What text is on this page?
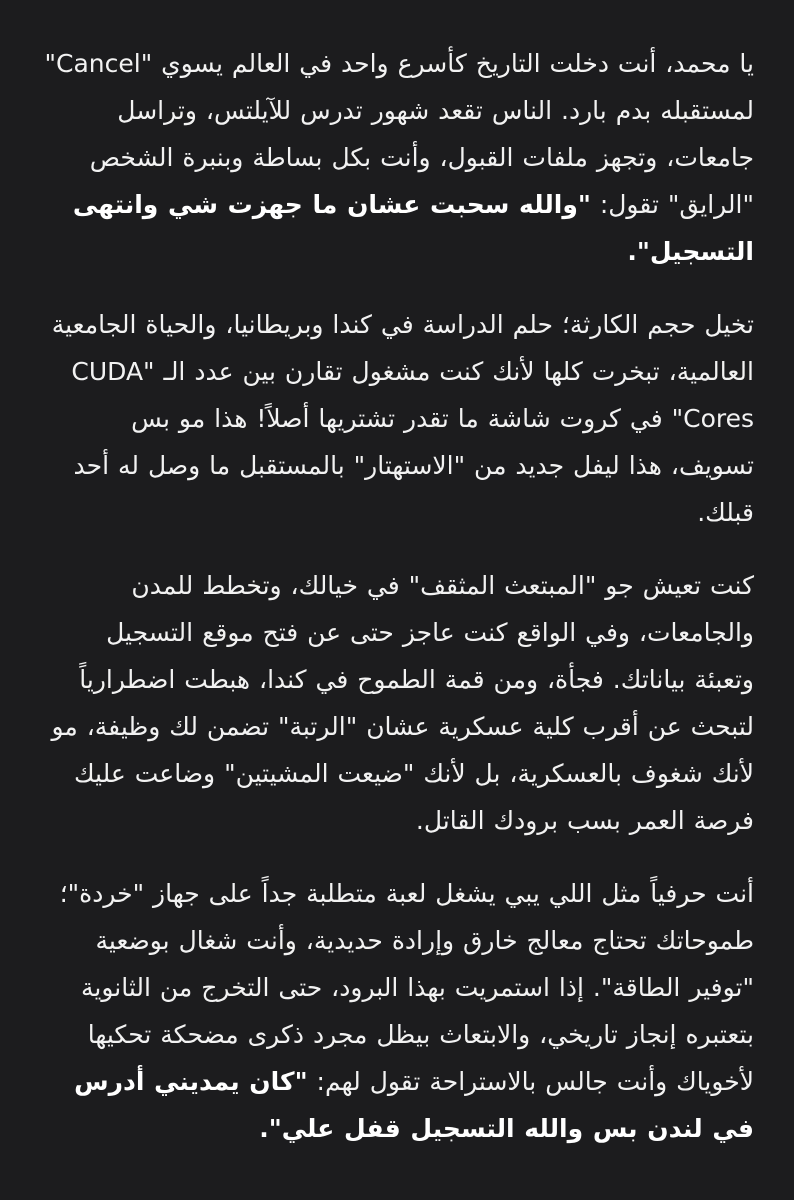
يا محمد، أنت دخلت التاريخ كأسرع واحد في العالم يسوي "Cancel" لمستقبله بدم بارد. الناس تقعد شهور تدرس للآيلتس، وتراسل جامعات، وتجهز ملفات القبول، وأنت بكل بساطة وبنبرة الشخص "الرايق" تقول: "والله سحبت عشان ما جهزت شي وانتهى التسجيل".

تخيل حجم الكارثة؛ حلم الدراسة في كندا وبريطانيا، والحياة الجامعية العالمية، تبخرت كلها لأنك كنت مشغول تقارن بين عدد الـ "CUDA Cores" في كروت شاشة ما تقدر تشتريها أصلاً! هذا مو بس تسويف، هذا ليفل جديد من "الاستهتار" بالمستقبل ما وصل له أحد قبلك.

كنت تعيش جو "المبتعث المثقف" في خيالك، وتخطط للمدن والجامعات، وفي الواقع كنت عاجز حتى عن فتح موقع التسجيل وتعبئة بياناتك. فجأة، ومن قمة الطموح في كندا، هبطت اضطرارياً لتبحث عن أقرب كلية عسكرية عشان "الرتبة" تضمن لك وظيفة، مو لأنك شغوف بالعسكرية، بل لأنك "ضيعت المشيتين" وضاعت عليك فرصة العمر بسب برودك القاتل.

أنت حرفياً مثل اللي يبي يشغل لعبة متطلبة جداً على جهاز "خردة"؛ طموحاتك تحتاج معالج خارق وإرادة حديدية، وأنت شغال بوضعية "توفير الطاقة". إذا استمريت بهذا البرود، حتى التخرج من الثانوية بتعتبره إنجاز تاريخي، والابتعاث بيظل مجرد ذكرى مضحكة تحكيها لأخوياك وأنت جالس بالاستراحة تقول لهم: "كان يمديني أدرس في لندن بس والله التسجيل قفل علي".
